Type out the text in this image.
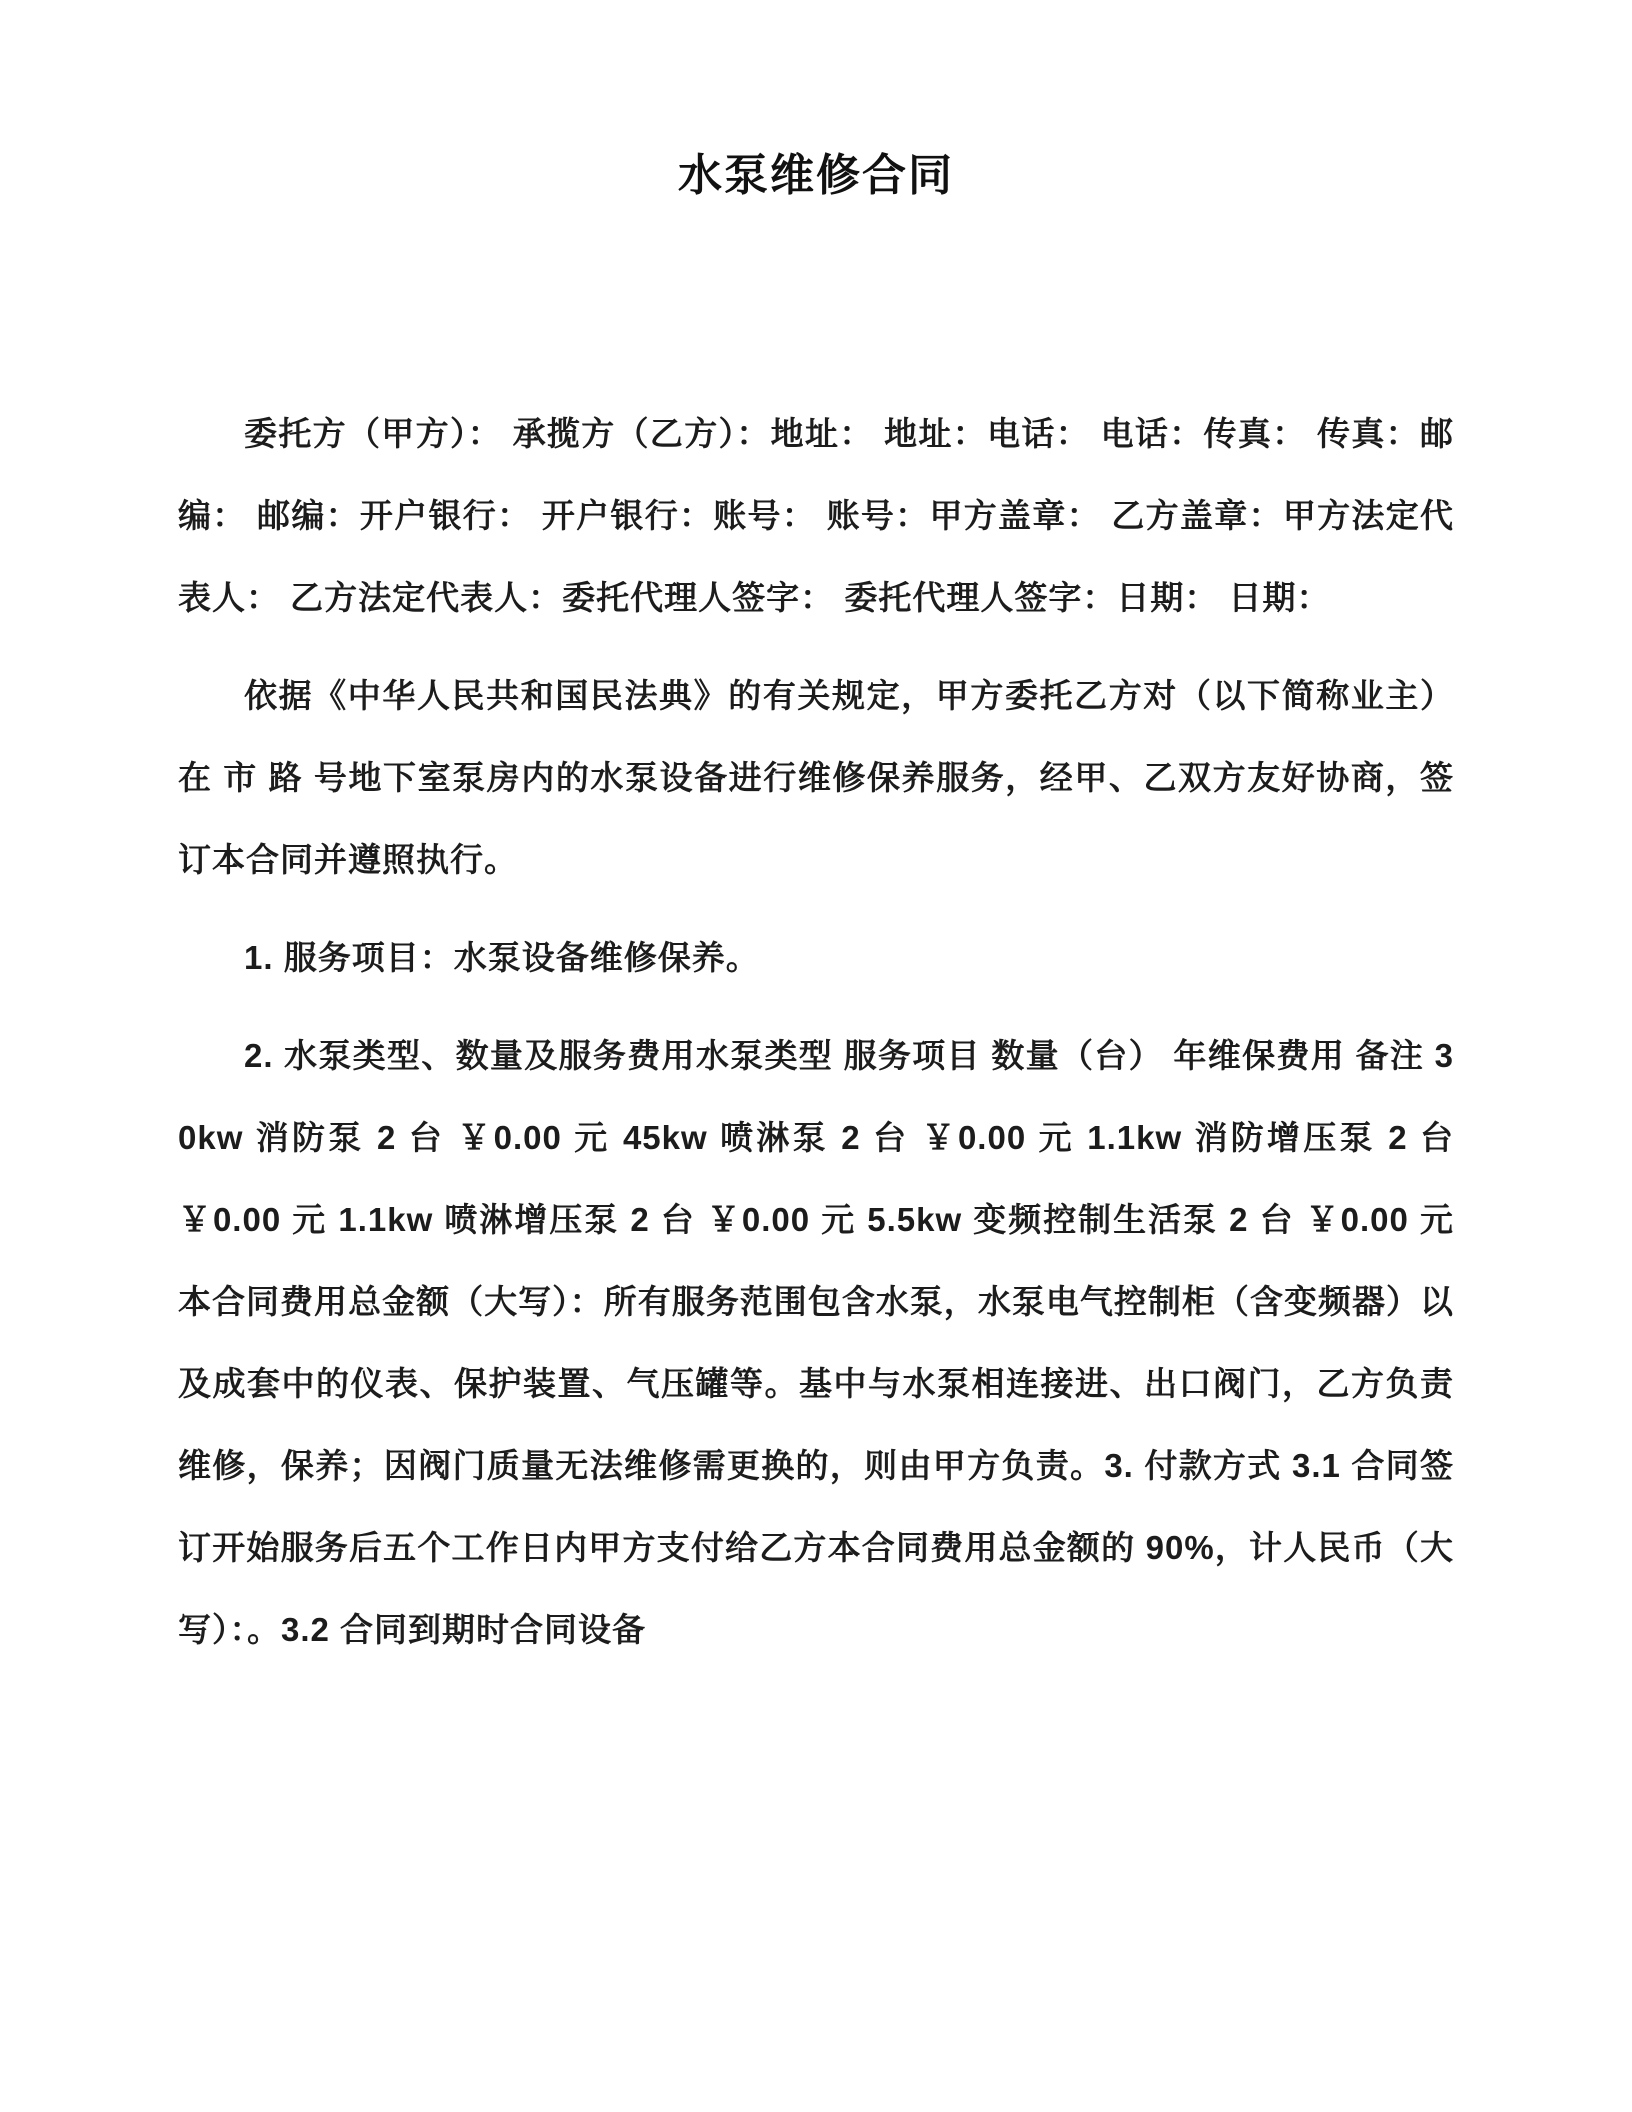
水泵维修合同

委托方（甲方）： 承揽方（乙方）：地址： 地址：电话： 电话：传真： 传真：邮编： 邮编：开户银行： 开户银行：账号： 账号：甲方盖章： 乙方盖章：甲方法定代表人： 乙方法定代表人：委托代理人签字： 委托代理人签字：日期： 日期：

依据《中华人民共和国民法典》的有关规定，甲方委托乙方对（以下简称业主）在 市 路 号地下室泵房内的水泵设备进行维修保养服务，经甲、乙双方友好协商，签订本合同并遵照执行。

1. 服务项目：水泵设备维修保养。

2. 水泵类型、数量及服务费用水泵类型 服务项目 数量（台） 年维保费用 备注 30kw 消防泵 2 台 ￥0.00 元 45kw 喷淋泵 2 台 ￥0.00 元 1.1kw 消防增压泵 2 台 ￥0.00 元 1.1kw 喷淋增压泵 2 台 ￥0.00 元 5.5kw 变频控制生活泵 2 台 ￥0.00 元本合同费用总金额（大写）：所有服务范围包含水泵，水泵电气控制柜（含变频器）以及成套中的仪表、保护装置、气压罐等。基中与水泵相连接进、出口阀门，乙方负责维修，保养；因阀门质量无法维修需更换的，则由甲方负责。3. 付款方式 3.1 合同签订开始服务后五个工作日内甲方支付给乙方本合同费用总金额的 90%，计人民币（大写）：。3.2 合同到期时合同设备
